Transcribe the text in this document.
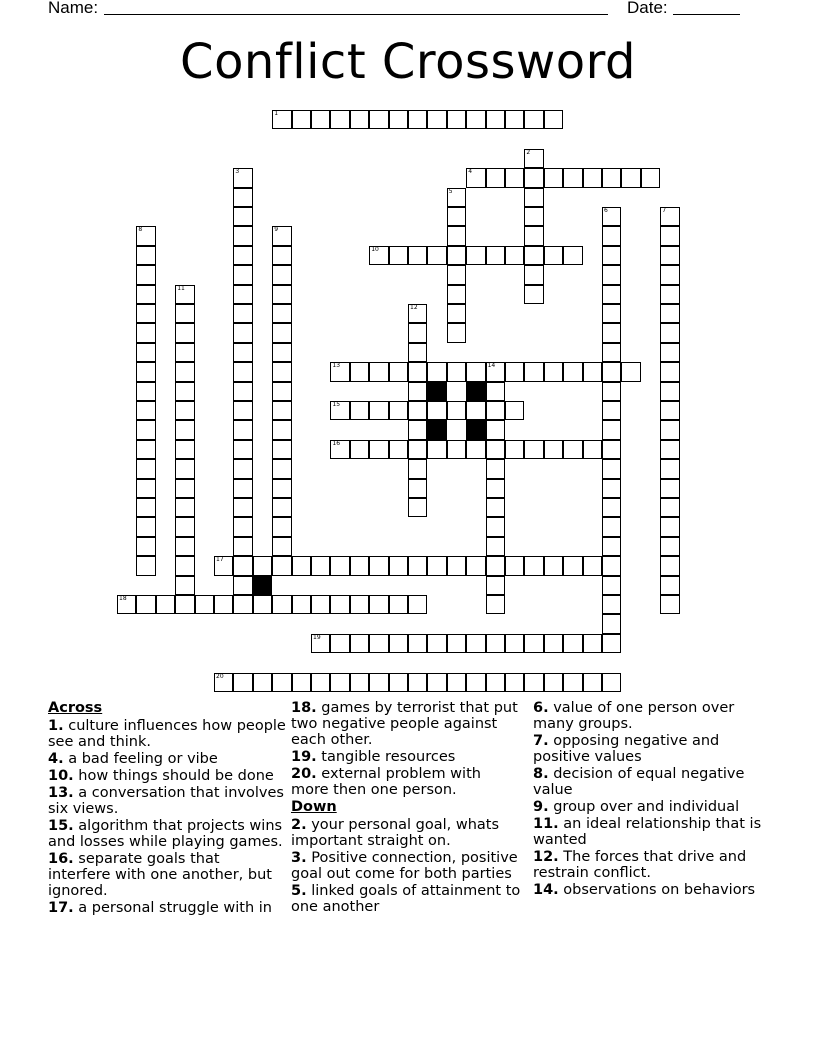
Name:	Date:
Conflict Crossword
1
2
3	4
5
6	7
8	9
10
11
12
13	14
15
16
17
18
19
20
Across
1. culture influences how people see and think.
4. a bad feeling or vibe
10. how things should be done
13. a conversation that involves six views.
15. algorithm that projects wins and losses while playing games.
16. separate goals that interfere with one another, but ignored.
17. a personal struggle with in
18. games by terrorist that put two negative people against each other.
19. tangible resources
20. external problem with more then one person.
Down
2. your personal goal, whats important straight on.
3. Positive connection, positive goal out come for both parties
5. linked goals of attainment to one another
6. value of one person over many groups.
7. opposing negative and positive values
8. decision of equal negative value
9. group over and individual
11. an ideal relationship that is wanted
12. The forces that drive and restrain conflict.
14. observations on behaviors
